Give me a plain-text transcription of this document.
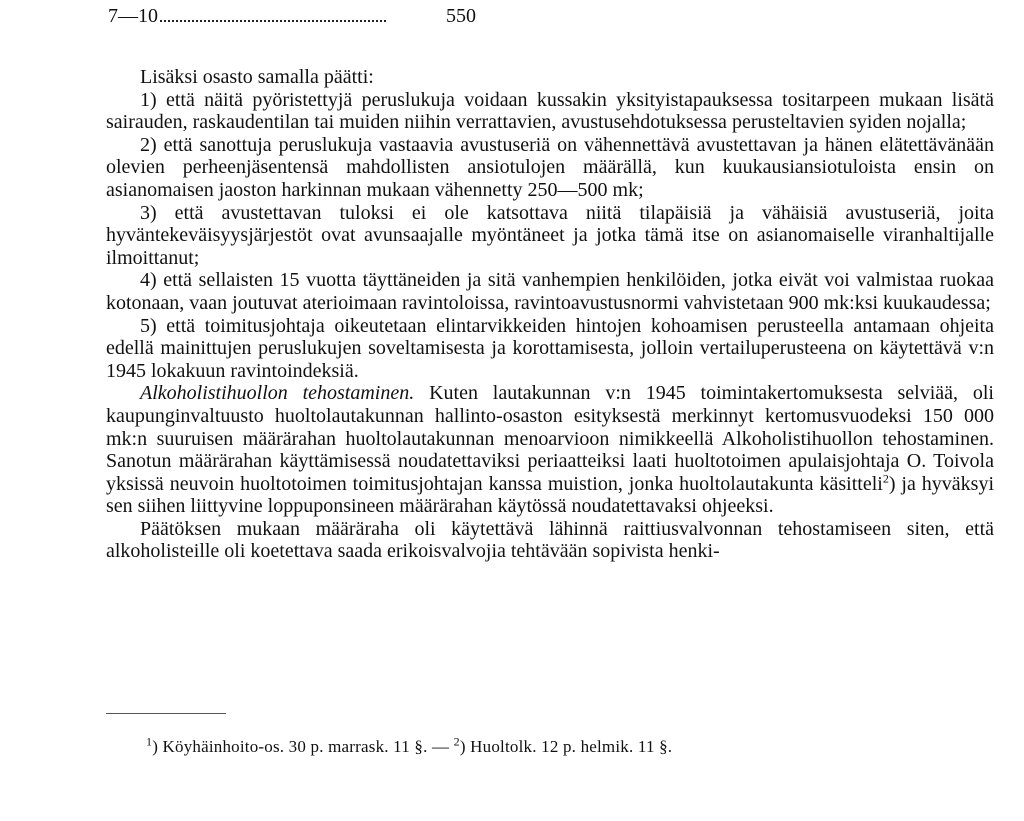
7—10	550

Lisäksi osasto samalla päätti:

1) että näitä pyöristettyjä peruslukuja voidaan kussakin yksityistapauksessa tositarpeen mukaan lisätä sairauden, raskaudentilan tai muiden niihin verrattavien, avustusehdotuksessa perusteltavien syiden nojalla;

2) että sanottuja peruslukuja vastaavia avustuseriä on vähennettävä avustettavan ja hänen elätettävänään olevien perheenjäsentensä mahdollisten ansiotulojen määrällä, kun kuukausiansiotuloista ensin on asianomaisen jaoston harkinnan mukaan vähennetty 250—500 mk;

3) että avustettavan tuloksi ei ole katsottava niitä tilapäisiä ja vähäisiä avustuseriä, joita hyväntekeväisyysjärjestöt ovat avunsaajalle myöntäneet ja jotka tämä itse on asianomaiselle viranhaltijalle ilmoittanut;

4) että sellaisten 15 vuotta täyttäneiden ja sitä vanhempien henkilöiden, jotka eivät voi valmistaa ruokaa kotonaan, vaan joutuvat aterioimaan ravintoloissa, ravintoavustusnormi vahvistetaan 900 mk:ksi kuukaudessa;

5) että toimitusjohtaja oikeutetaan elintarvikkeiden hintojen kohoamisen perusteella antamaan ohjeita edellä mainittujen peruslukujen soveltamisesta ja korottamisesta, jolloin vertailuperusteena on käytettävä v:n 1945 lokakuun ravintoindeksiä.

Alkoholistihuollon tehostaminen. Kuten lautakunnan v:n 1945 toimintakertomuksesta selviää, oli kaupunginvaltuusto huoltolautakunnan hallinto-osaston esityksestä merkinnyt kertomusvuodeksi 150 000 mk:n suuruisen määrärahan huoltolautakunnan menoarvioon nimikkeellä Alkoholistihuollon tehostaminen. Sanotun määrärahan käyttämisessä noudatettaviksi periaatteiksi laati huoltotoimen apulaisjohtaja O. Toivola yksissä neuvoin huoltotoimen toimitusjohtajan kanssa muistion, jonka huoltolautakunta käsitteli$^2$) ja hyväksyi sen siihen liittyvine loppuponsineen määrärahan käytössä noudatettavaksi ohjeeksi.

Päätöksen mukaan määräraha oli käytettävä lähinnä raittiusvalvonnan tehostamiseen siten, että alkoholisteille oli koetettava saada erikoisvalvojia tehtävään sopivista henki-

$^1$) Köyhäinhoito-os. 30 p. marrask. 11 §. — $^2$) Huoltolk. 12 p. helmik. 11 §.
